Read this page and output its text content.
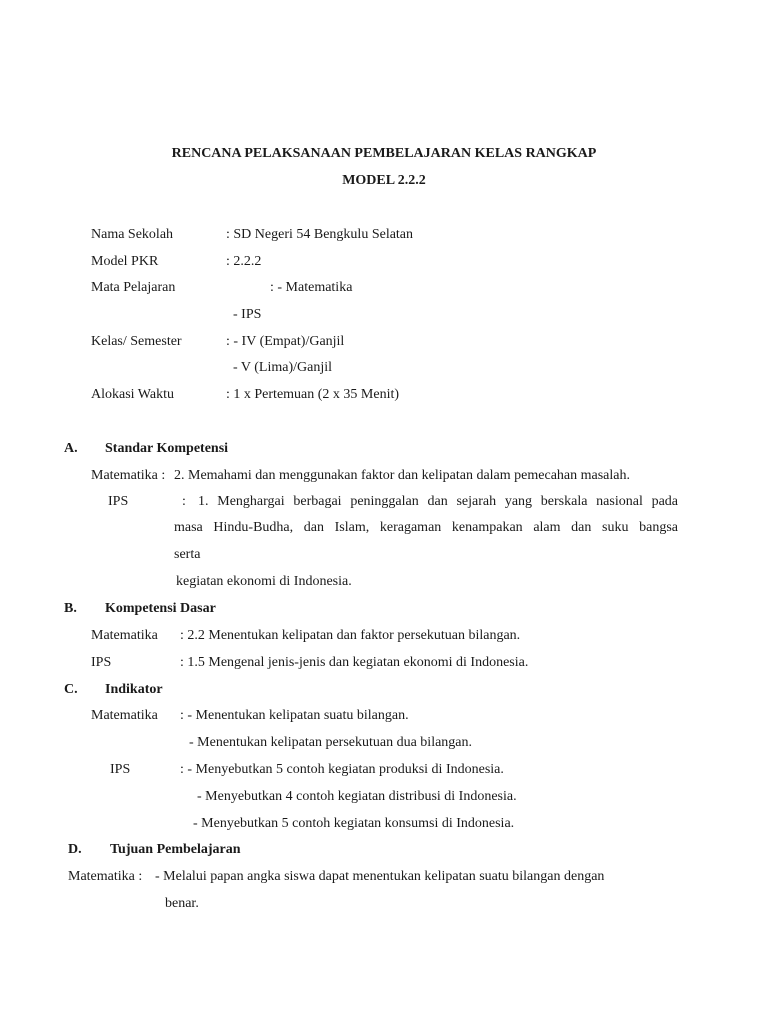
RENCANA PELAKSANAAN PEMBELAJARAN KELAS RANGKAP
MODEL 2.2.2
Nama Sekolah	: SD Negeri 54 Bengkulu Selatan
Model PKR	: 2.2.2
Mata Pelajaran	: - Matematika
- IPS
Kelas/ Semester	: - IV (Empat)/Ganjil
- V (Lima)/Ganjil
Alokasi Waktu	: 1 x Pertemuan (2 x 35 Menit)
A. Standar Kompetensi
Matematika : 2. Memahami dan menggunakan faktor dan kelipatan dalam pemecahan masalah.
IPS	: 1. Menghargai berbagai peninggalan dan sejarah yang berskala nasional pada
masa Hindu-Budha, dan Islam, keragaman kenampakan alam dan suku bangsa
serta
kegiatan ekonomi di Indonesia.
B. Kompetensi Dasar
Matematika : 2.2 Menentukan kelipatan dan faktor persekutuan bilangan.
IPS	: 1.5 Mengenal jenis-jenis dan kegiatan ekonomi di Indonesia.
C. Indikator
Matematika : - Menentukan kelipatan suatu bilangan.
- Menentukan kelipatan persekutuan dua bilangan.
IPS	: - Menyebutkan 5 contoh kegiatan produksi di Indonesia.
- Menyebutkan 4 contoh kegiatan distribusi di Indonesia.
- Menyebutkan 5 contoh kegiatan konsumsi di Indonesia.
D. Tujuan Pembelajaran
Matematika : - Melalui papan angka siswa dapat menentukan kelipatan suatu bilangan dengan
benar.
